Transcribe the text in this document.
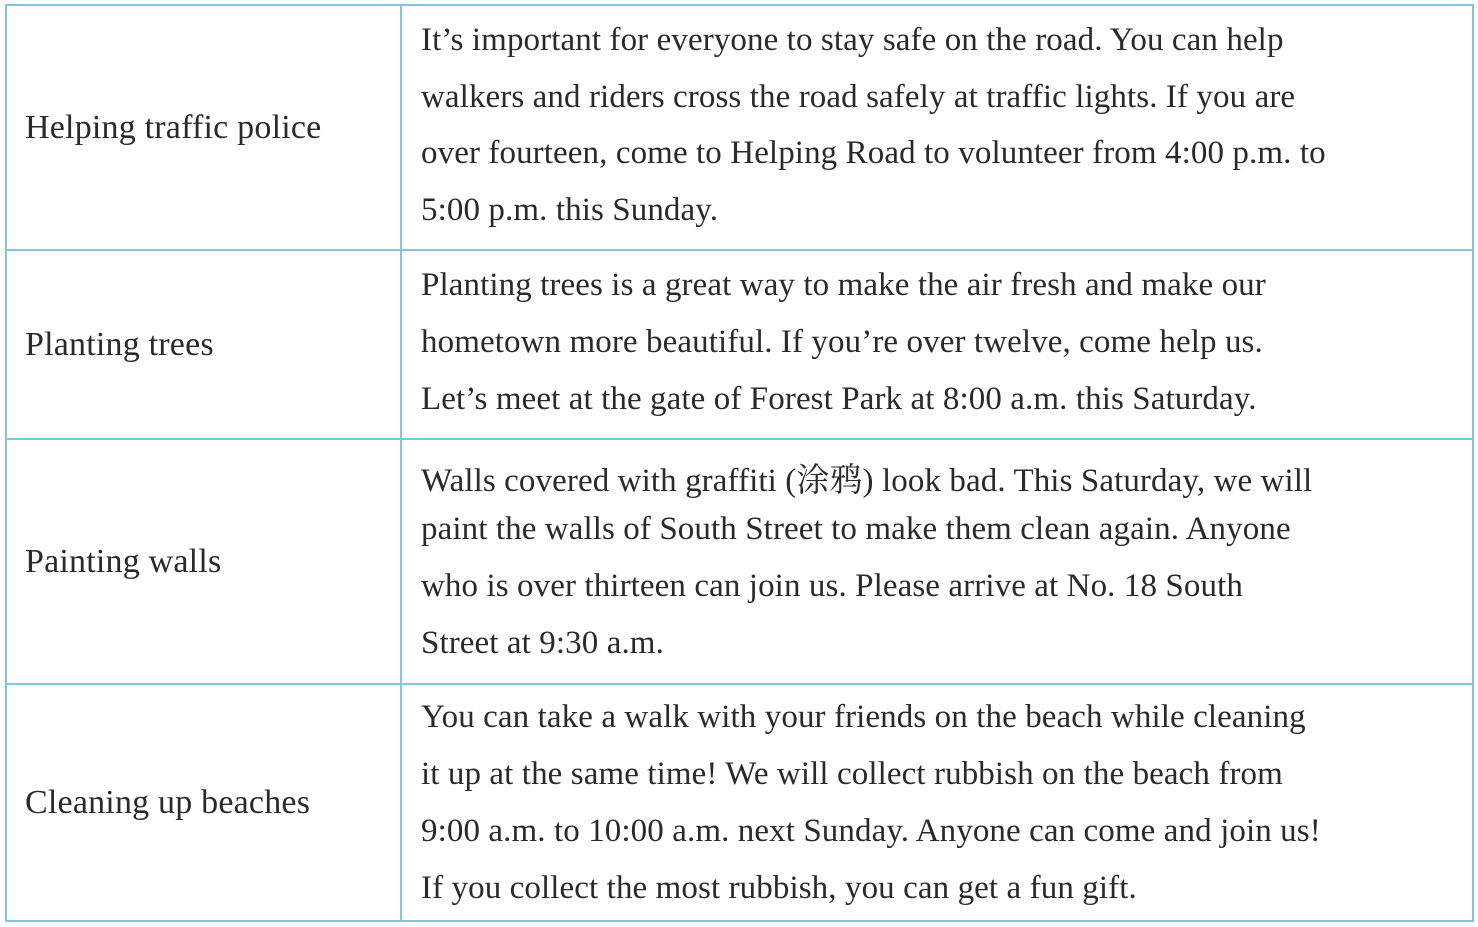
Helping traffic police
It’s important for everyone to stay safe on the road. You can help
walkers and riders cross the road safely at traffic lights. If you are
over fourteen, come to Helping Road to volunteer from 4:00 p.m. to
5:00 p.m. this Sunday.
Planting trees
Planting trees is a great way to make the air fresh and make our
hometown more beautiful. If you’re over twelve, come help us.
Let’s meet at the gate of Forest Park at 8:00 a.m. this Saturday.
Painting walls
Walls covered with graffiti (涂鸦) look bad. This Saturday, we will
paint the walls of South Street to make them clean again. Anyone
who is over thirteen can join us. Please arrive at No. 18 South
Street at 9:30 a.m.
Cleaning up beaches
You can take a walk with your friends on the beach while cleaning
it up at the same time! We will collect rubbish on the beach from
9:00 a.m. to 10:00 a.m. next Sunday. Anyone can come and join us!
If you collect the most rubbish, you can get a fun gift.
